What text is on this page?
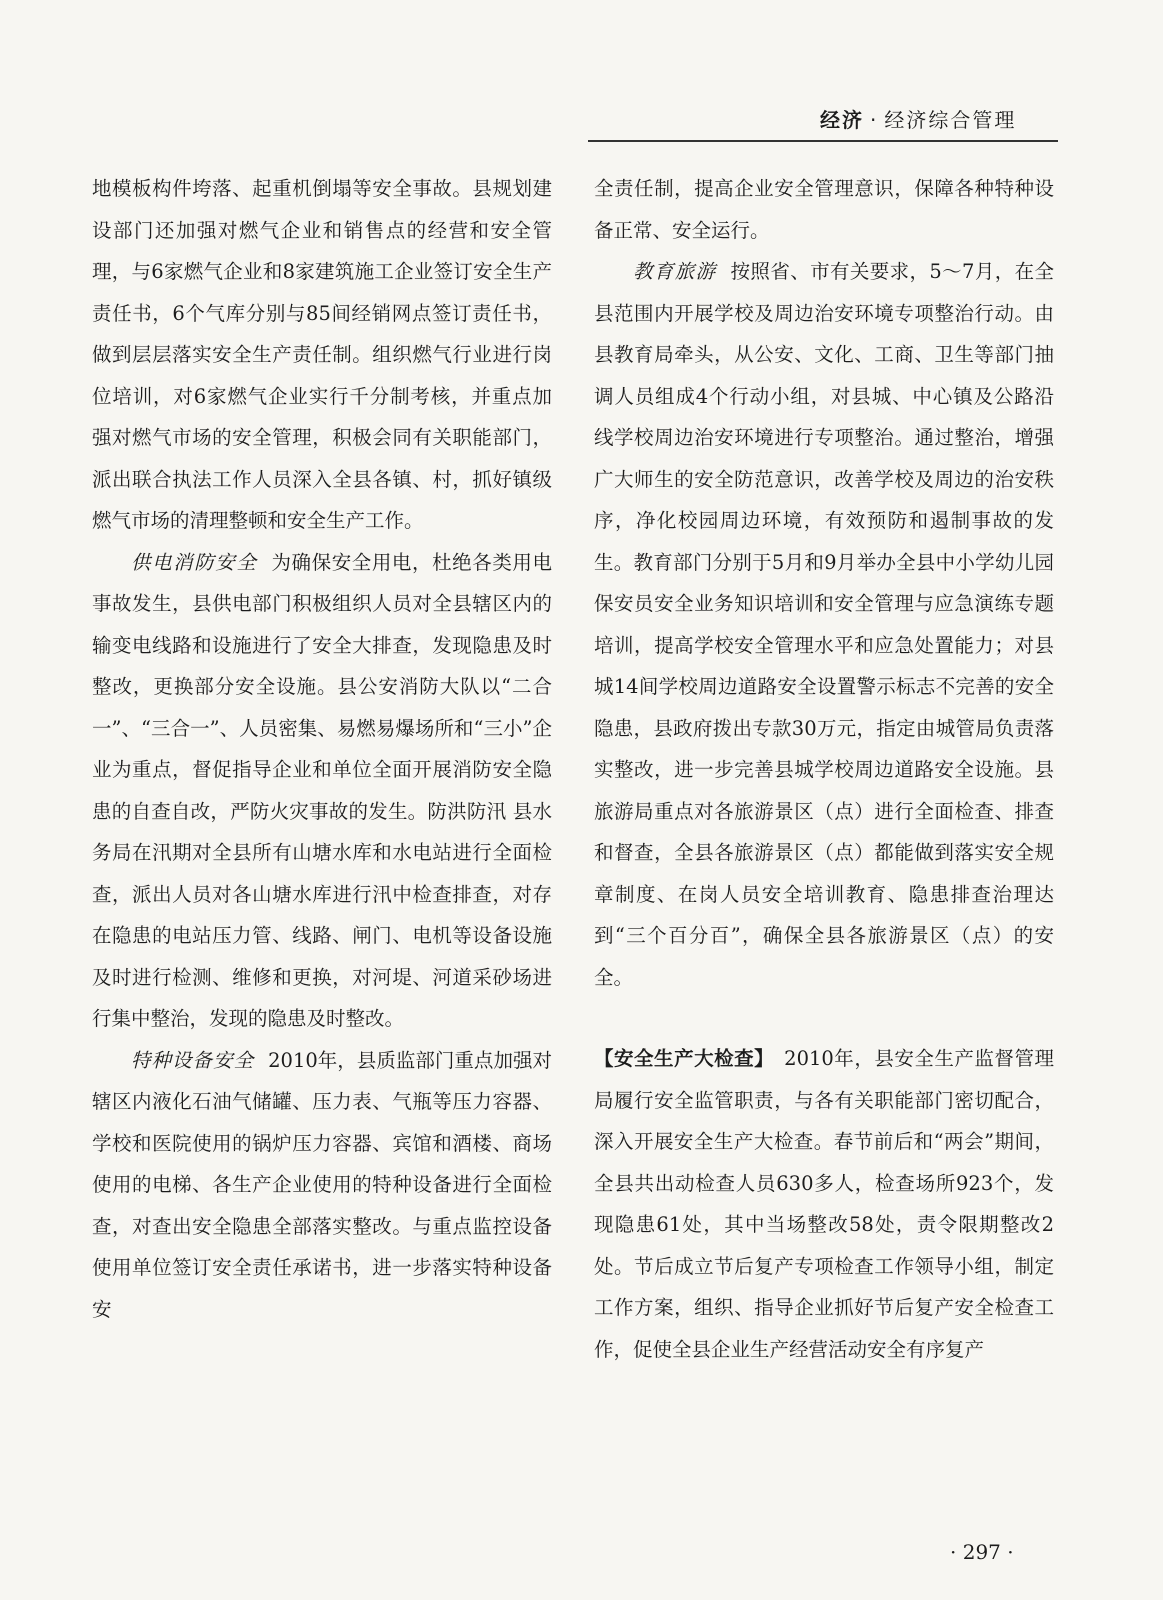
经济 · 经济综合管理

地模板构件垮落、起重机倒塌等安全事故。县规划建设部门还加强对燃气企业和销售点的经营和安全管理，与6家燃气企业和8家建筑施工企业签订安全生产责任书，6个气库分别与85间经销网点签订责任书，做到层层落实安全生产责任制。组织燃气行业进行岗位培训，对6家燃气企业实行千分制考核，并重点加强对燃气市场的安全管理，积极会同有关职能部门，派出联合执法工作人员深入全县各镇、村，抓好镇级燃气市场的清理整顿和安全生产工作。

供电消防安全 为确保安全用电，杜绝各类用电事故发生，县供电部门积极组织人员对全县辖区内的输变电线路和设施进行了安全大排查，发现隐患及时整改，更换部分安全设施。县公安消防大队以“二合一”、“三合一”、人员密集、易燃易爆场所和“三小”企业为重点，督促指导企业和单位全面开展消防安全隐患的自查自改，严防火灾事故的发生。防洪防汛 县水务局在汛期对全县所有山塘水库和水电站进行全面检查，派出人员对各山塘水库进行汛中检查排查，对存在隐患的电站压力管、线路、闸门、电机等设备设施及时进行检测、维修和更换，对河堤、河道采砂场进行集中整治，发现的隐患及时整改。

特种设备安全 2010年，县质监部门重点加强对辖区内液化石油气储罐、压力表、气瓶等压力容器、学校和医院使用的锅炉压力容器、宾馆和酒楼、商场使用的电梯、各生产企业使用的特种设备进行全面检查，对查出安全隐患全部落实整改。与重点监控设备使用单位签订安全责任承诺书，进一步落实特种设备安

全责任制，提高企业安全管理意识，保障各种特种设备正常、安全运行。

教育旅游 按照省、市有关要求，5～7月，在全县范围内开展学校及周边治安环境专项整治行动。由县教育局牵头，从公安、文化、工商、卫生等部门抽调人员组成4个行动小组，对县城、中心镇及公路沿线学校周边治安环境进行专项整治。通过整治，增强广大师生的安全防范意识，改善学校及周边的治安秩序，净化校园周边环境，有效预防和遏制事故的发生。教育部门分别于5月和9月举办全县中小学幼儿园保安员安全业务知识培训和安全管理与应急演练专题培训，提高学校安全管理水平和应急处置能力；对县城14间学校周边道路安全设置警示标志不完善的安全隐患，县政府拨出专款30万元，指定由城管局负责落实整改，进一步完善县城学校周边道路安全设施。县旅游局重点对各旅游景区（点）进行全面检查、排查和督查，全县各旅游景区（点）都能做到落实安全规章制度、在岗人员安全培训教育、隐患排查治理达到“三个百分百”，确保全县各旅游景区（点）的安全。

【安全生产大检查】 2010年，县安全生产监督管理局履行安全监管职责，与各有关职能部门密切配合，深入开展安全生产大检查。春节前后和“两会”期间，全县共出动检查人员630多人，检查场所923个，发现隐患61处，其中当场整改58处，责令限期整改2处。节后成立节后复产专项检查工作领导小组，制定工作方案，组织、指导企业抓好节后复产安全检查工作，促使全县企业生产经营活动安全有序复产

· 297 ·
